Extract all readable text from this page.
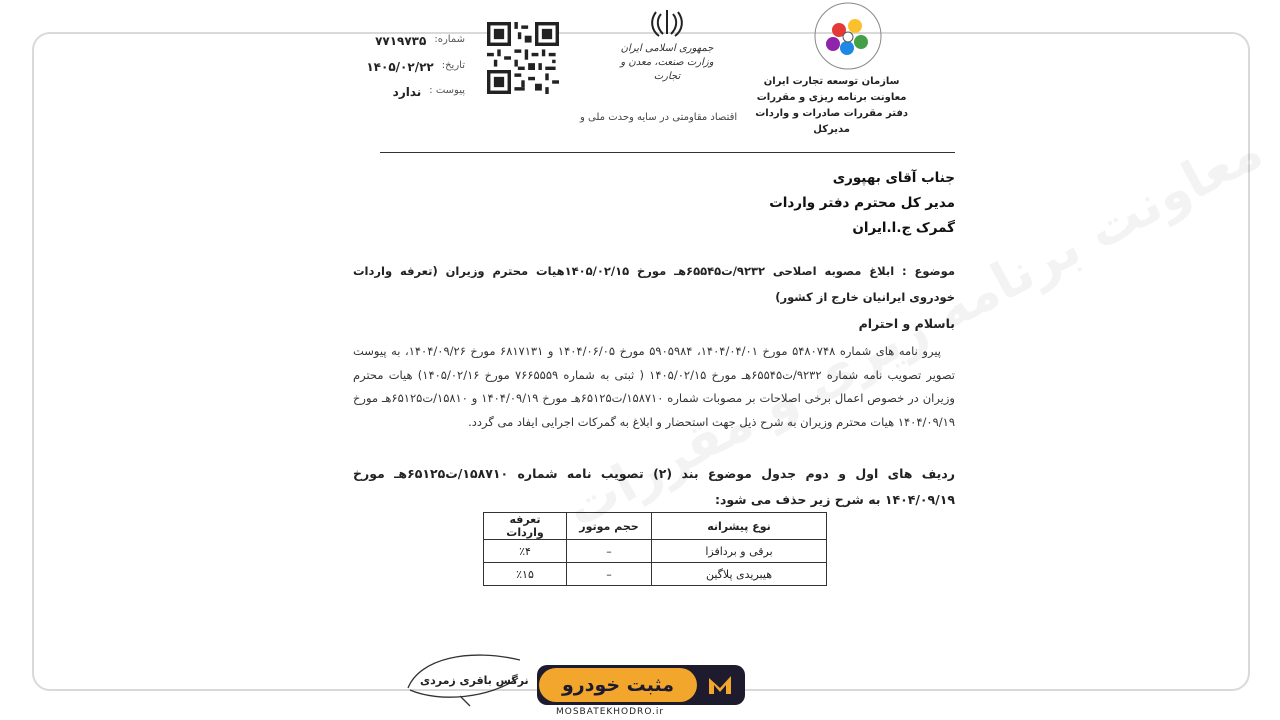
شماره:
۷۷۱۹۷۳۵
تاریخ:
۱۴۰۵/۰۲/۲۲
پیوست :
ندارد
جمهوری اسلامی ایران
وزارت صنعت، معدن و تجارت
اقتصاد مقاومتی در سایه وحدت ملی و
سازمان توسعه تجارت ایران
معاونت برنامه ریزی و مقررات
دفتر مقررات صادرات و واردات
مدیرکل
جناب آقای بهپوری
مدیر کل محترم دفتر واردات
گمرک ج.ا.ایران
موضوع : ابلاغ مصوبه اصلاحی ۹۲۳۲/ت۶۵۵۴۵هـ مورخ ۱۴۰۵/۰۲/۱۵هیات محترم وزیران (تعرفه واردات خودروی ایرانیان خارج از کشور)
باسلام و احترام
پیرو نامه های شماره ۵۴۸۰۷۴۸ مورخ ۱۴۰۴/۰۴/۰۱، ۵۹۰۵۹۸۴ مورخ ۱۴۰۴/۰۶/۰۵ و ۶۸۱۷۱۳۱ مورخ ۱۴۰۴/۰۹/۲۶، به پیوست تصویر تصویب نامه شماره ۹۲۳۲/ت۶۵۵۴۵هـ مورخ ۱۴۰۵/۰۲/۱۵ ( ثبتی به شماره ۷۶۶۵۵۵۹ مورخ ۱۴۰۵/۰۲/۱۶) هیات محترم وزیران در خصوص اعمال برخی اصلاحات بر مصوبات شماره ۱۵۸۷۱۰/ت۶۵۱۲۵هـ مورخ ۱۴۰۴/۰۹/۱۹ و ۱۵۸۱۰/ت۶۵۱۲۵هـ مورخ ۱۴۰۴/۰۹/۱۹ هیات محترم وزیران به شرح ذیل جهت استحضار و ابلاغ به گمرکات اجرایی ایفاد می گردد.
ردیف های اول و دوم جدول موضوع بند (۲) تصویب نامه شماره ۱۵۸۷۱۰/ت۶۵۱۲۵هـ مورخ ۱۴۰۴/۰۹/۱۹ به شرح زیر حذف می شود:
نوع پیشرانه	حجم موتور	تعرفه واردات
برقی و بردافزا	–	٪۴
هیبریدی پلاگین	–	٪۱۵
نرگس باقری زمردی	مثبت خودرو
MOSBATEKHODRO.ir
